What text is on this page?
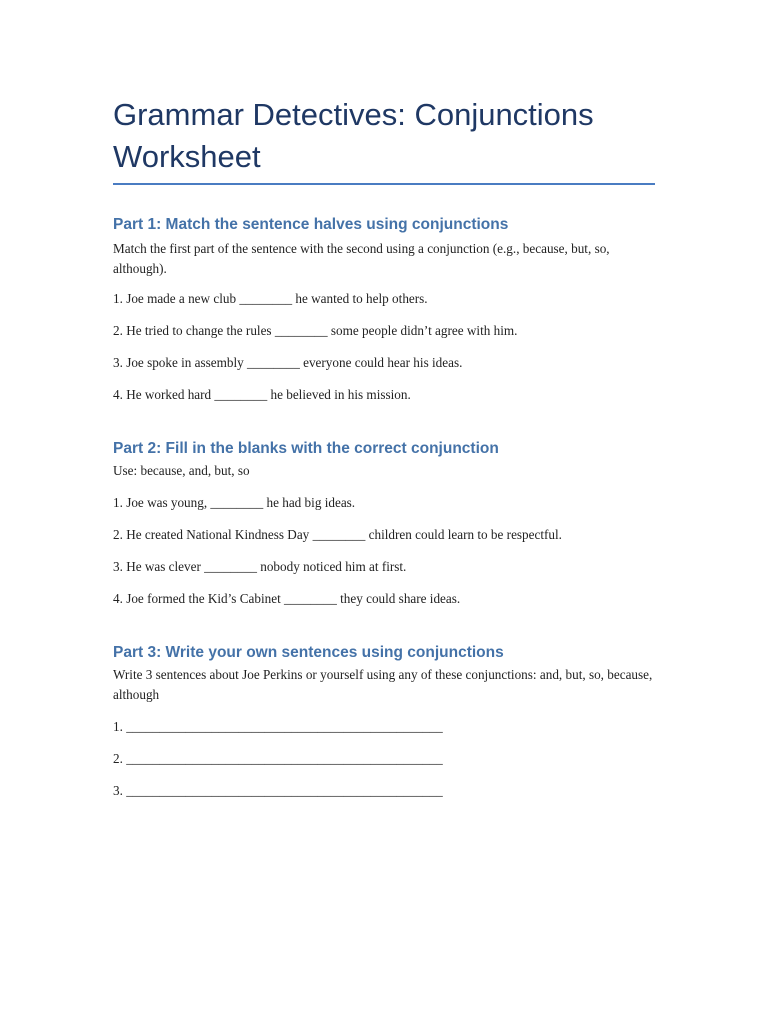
Grammar Detectives: Conjunctions Worksheet
Part 1: Match the sentence halves using conjunctions

Match the first part of the sentence with the second using a conjunction (e.g., because, but, so, although).

1. Joe made a new club ________ he wanted to help others.

2. He tried to change the rules ________ some people didn’t agree with him.

3. Joe spoke in assembly ________ everyone could hear his ideas.

4. He worked hard ________ he believed in his mission.

Part 2: Fill in the blanks with the correct conjunction

Use: because, and, but, so

1. Joe was young, ________ he had big ideas.

2. He created National Kindness Day ________ children could learn to be respectful.

3. He was clever ________ nobody noticed him at first.

4. Joe formed the Kid’s Cabinet ________ they could share ideas.

Part 3: Write your own sentences using conjunctions

Write 3 sentences about Joe Perkins or yourself using any of these conjunctions: and, but, so, because, although

1. ________________________________________________

2. ________________________________________________

3. ________________________________________________
